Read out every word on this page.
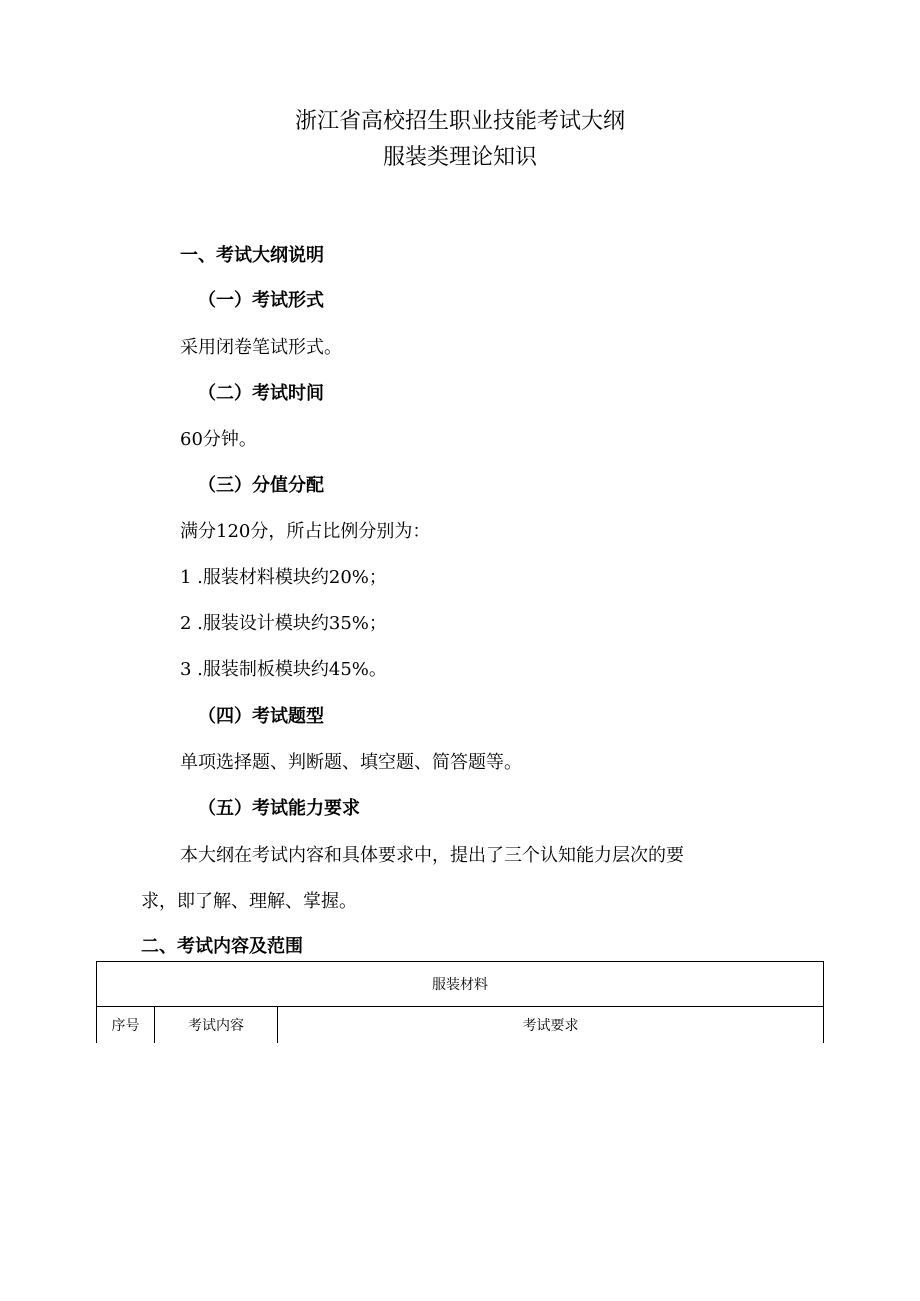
浙江省高校招生职业技能考试大纲
服装类理论知识

一、考试大纲说明

（一）考试形式

采用闭卷笔试形式。

（二）考试时间

60分钟。

（三）分值分配

满分120分，所占比例分别为：

1 .服装材料模块约20%；

2 .服装设计模块约35%；

3 .服装制板模块约45%。

（四）考试题型

单项选择题、判断题、填空题、简答题等。

（五）考试能力要求

本大纲在考试内容和具体要求中，提出了三个认知能力层次的要

求，即了解、理解、掌握。

二、考试内容及范围

服装材料
序号	考试内容	考试要求
